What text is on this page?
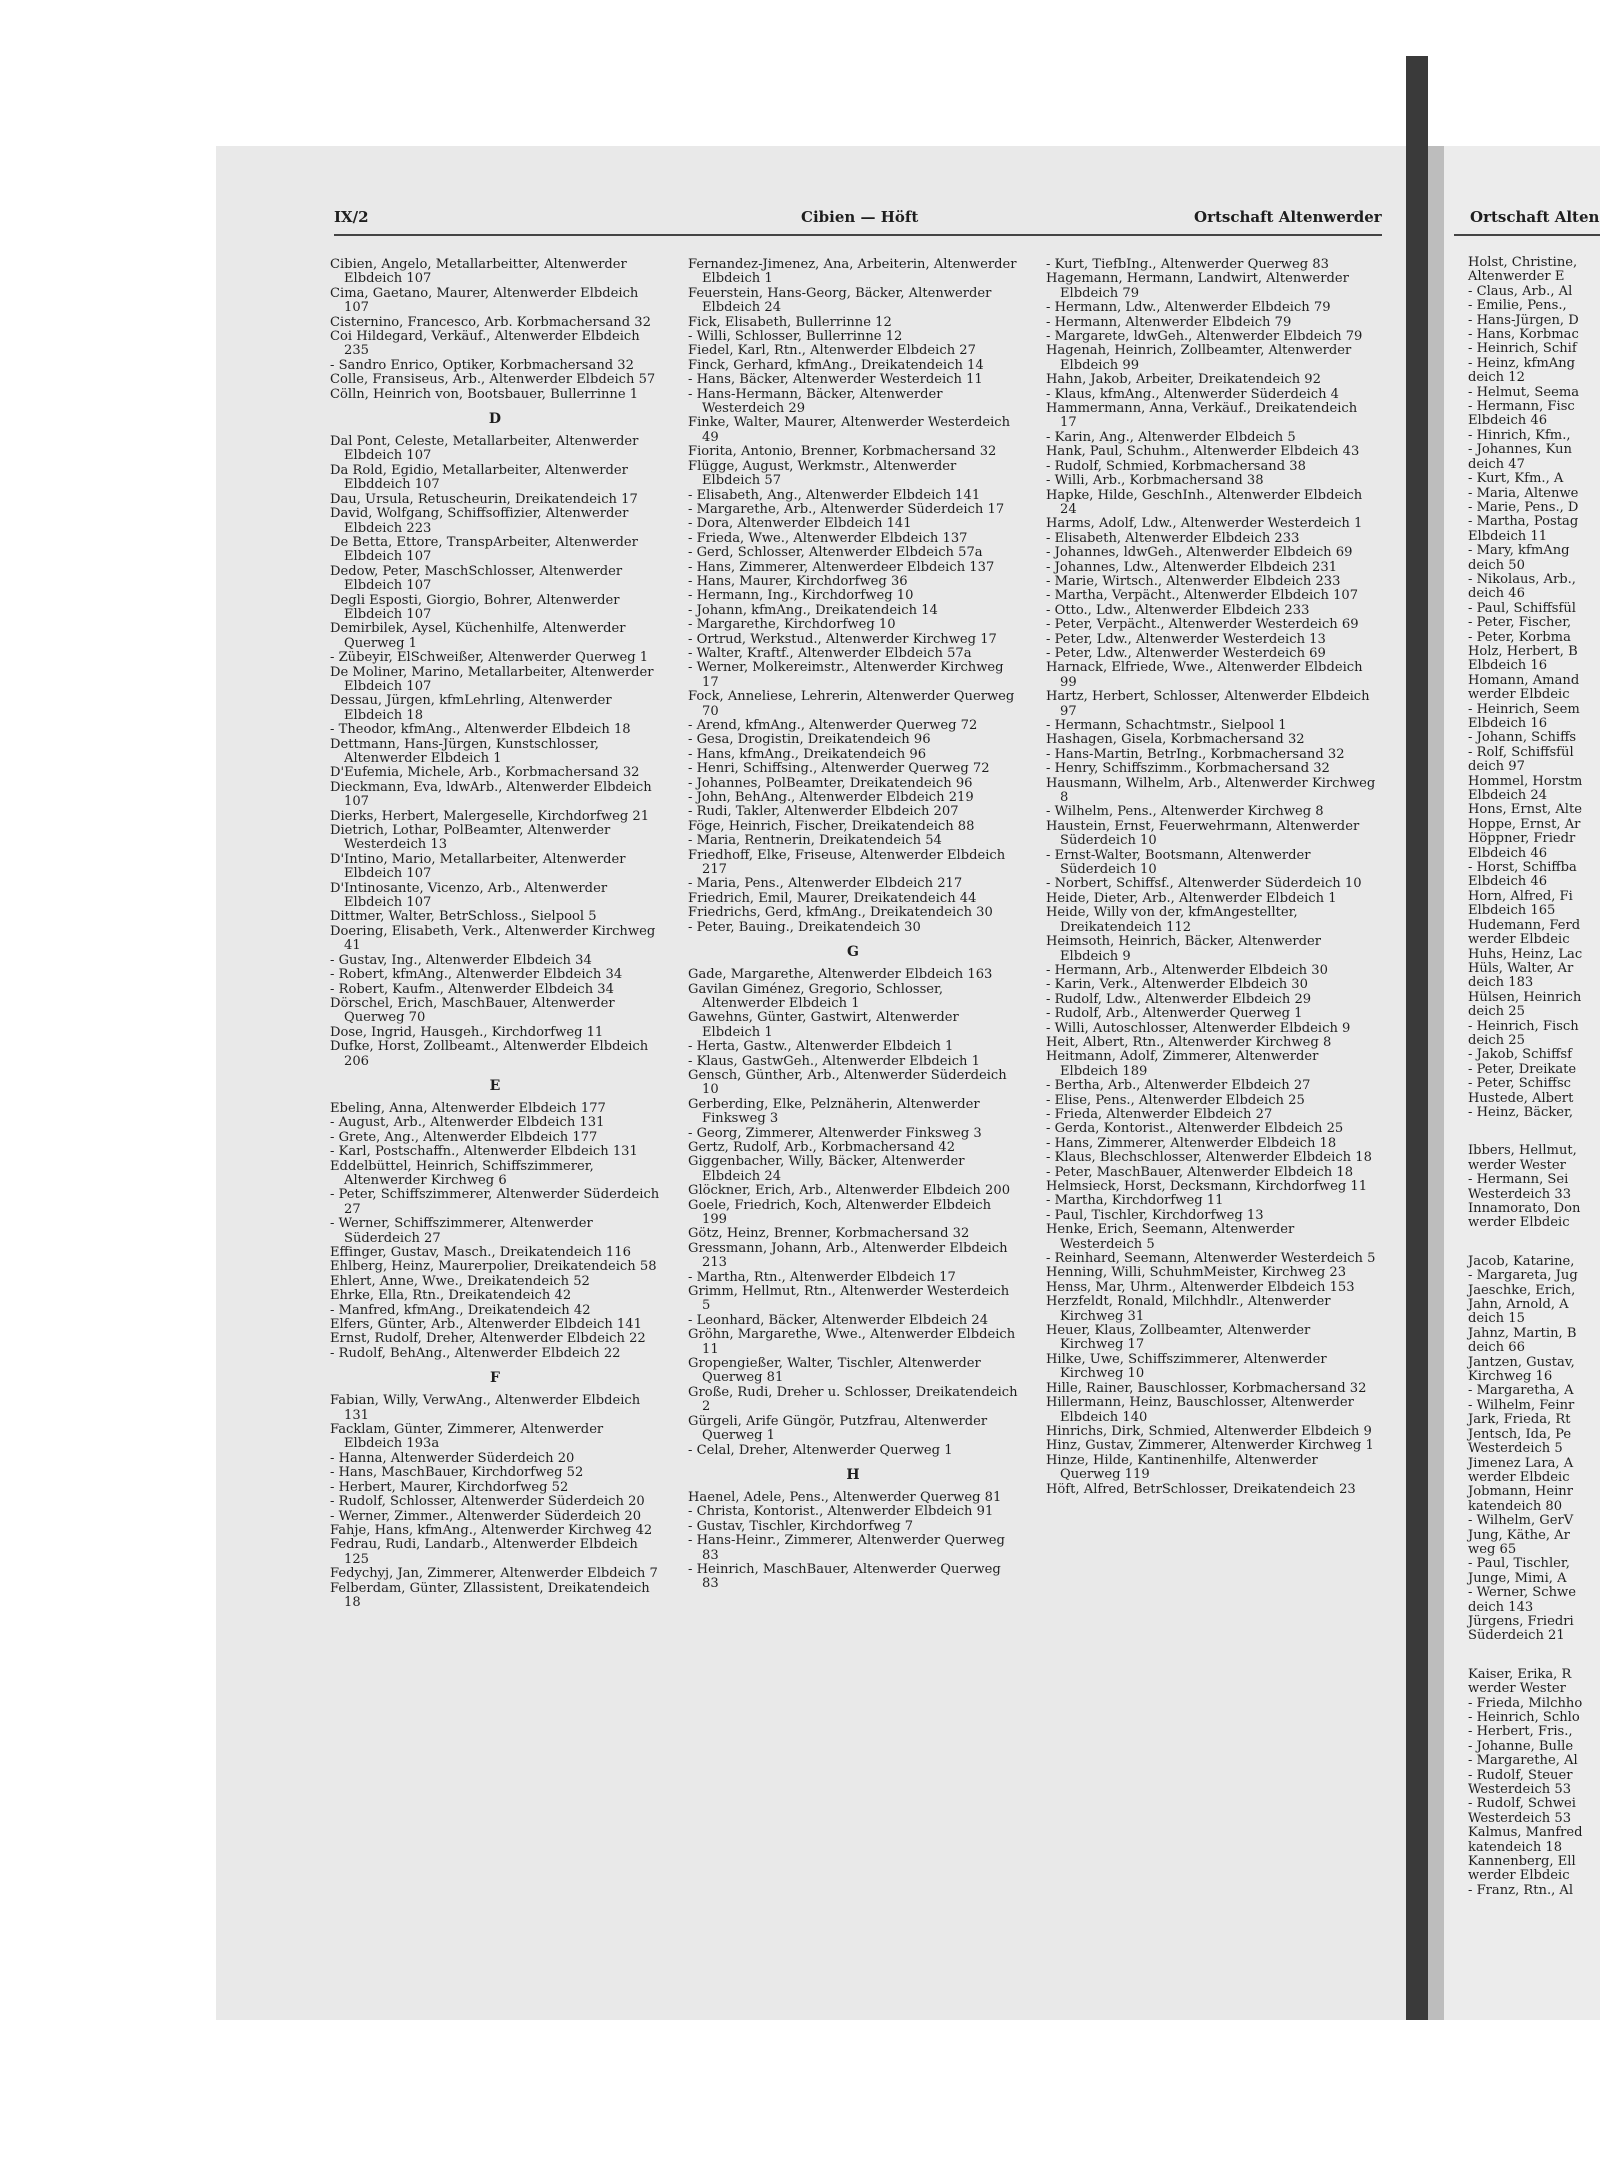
IX/2	Cibien — Höft	Ortschaft Altenwerder
Cibien, Angelo, Metallarbeitter, Altenwerder Elbdeich 107
Cima, Gaetano, Maurer, Altenwerder Elbdeich 107
Cisternino, Francesco, Arb. Korbmachersand 32
Coi Hildegard, Verkäuf., Altenwerder Elbdeich 235
- Sandro Enrico, Optiker, Korbmachersand 32
Colle, Fransiseus, Arb., Altenwerder Elbdeich 57
Cölln, Heinrich von, Bootsbauer, Bullerrinne 1
D
Dal Pont, Celeste, Metallarbeiter, Altenwerder Elbdeich 107
Da Rold, Egidio, Metallarbeiter, Altenwerder Elbddeich 107
Dau, Ursula, Retuscheurin, Dreikatendeich 17
David, Wolfgang, Schiffsoffizier, Altenwerder Elbdeich 223
De Betta, Ettore, TranspArbeiter, Altenwerder Elbdeich 107
Dedow, Peter, MaschSchlosser, Altenwerder Elbdeich 107
Degli Esposti, Giorgio, Bohrer, Altenwerder Elbdeich 107
Demirbilek, Aysel, Küchenhilfe, Altenwerder Querweg 1
- Zübeyir, ElSchweißer, Altenwerder Querweg 1
De Moliner, Marino, Metallarbeiter, Altenwerder Elbdeich 107
Dessau, Jürgen, kfmLehrling, Altenwerder Elbdeich 18
- Theodor, kfmAng., Altenwerder Elbdeich 18
Dettmann, Hans-Jürgen, Kunstschlosser, Altenwerder Elbdeich 1
D'Eufemia, Michele, Arb., Korbmachersand 32
Dieckmann, Eva, ldwArb., Altenwerder Elbdeich 107
Dierks, Herbert, Malergeselle, Kirchdorfweg 21
Dietrich, Lothar, PolBeamter, Altenwerder Westerdeich 13
D'Intino, Mario, Metallarbeiter, Altenwerder Elbdeich 107
D'Intinosante, Vicenzo, Arb., Altenwerder Elbdeich 107
Dittmer, Walter, BetrSchloss., Sielpool 5
Doering, Elisabeth, Verk., Altenwerder Kirchweg 41
- Gustav, Ing., Altenwerder Elbdeich 34
- Robert, kfmAng., Altenwerder Elbdeich 34
- Robert, Kaufm., Altenwerder Elbdeich 34
Dörschel, Erich, MaschBauer, Altenwerder Querweg 70
Dose, Ingrid, Hausgeh., Kirchdorfweg 11
Dufke, Horst, Zollbeamt., Altenwerder Elbdeich 206
E
Ebeling, Anna, Altenwerder Elbdeich 177
- August, Arb., Altenwerder Elbdeich 131
- Grete, Ang., Altenwerder Elbdeich 177
- Karl, Postschaffn., Altenwerder Elbdeich 131
Eddelbüttel, Heinrich, Schiffszimmerer, Altenwerder Kirchweg 6
- Peter, Schiffszimmerer, Altenwerder Süderdeich 27
- Werner, Schiffszimmerer, Altenwerder Süderdeich 27
Effinger, Gustav, Masch., Dreikatendeich 116
Ehlberg, Heinz, Maurerpolier, Dreikatendeich 58
Ehlert, Anne, Wwe., Dreikatendeich 52
Ehrke, Ella, Rtn., Dreikatendeich 42
- Manfred, kfmAng., Dreikatendeich 42
Elfers, Günter, Arb., Altenwerder Elbdeich 141
Ernst, Rudolf, Dreher, Altenwerder Elbdeich 22
- Rudolf, BehAng., Altenwerder Elbdeich 22
F
Fabian, Willy, VerwAng., Altenwerder Elbdeich 131
Facklam, Günter, Zimmerer, Altenwerder Elbdeich 193a
- Hanna, Altenwerder Süderdeich 20
- Hans, MaschBauer, Kirchdorfweg 52
- Herbert, Maurer, Kirchdorfweg 52
- Rudolf, Schlosser, Altenwerder Süderdeich 20
- Werner, Zimmer., Altenwerder Süderdeich 20
Fahje, Hans, kfmAng., Altenwerder Kirchweg 42
Fedrau, Rudi, Landarb., Altenwerder Elbdeich 125
Fedychyj, Jan, Zimmerer, Altenwerder Elbdeich 7
Felberdam, Günter, Zllassistent, Dreikatendeich 18
Fernandez-Jimenez, Ana, Arbeiterin, Altenwerder Elbdeich 1
Feuerstein, Hans-Georg, Bäcker, Altenwerder Elbdeich 24
Fick, Elisabeth, Bullerrinne 12
- Willi, Schlosser, Bullerrinne 12
Fiedel, Karl, Rtn., Altenwerder Elbdeich 27
Finck, Gerhard, kfmAng., Dreikatendeich 14
- Hans, Bäcker, Altenwerder Westerdeich 11
- Hans-Hermann, Bäcker, Altenwerder Westerdeich 29
Finke, Walter, Maurer, Altenwerder Westerdeich 49
Fiorita, Antonio, Brenner, Korbmachersand 32
Flügge, August, Werkmstr., Altenwerder Elbdeich 57
- Elisabeth, Ang., Altenwerder Elbdeich 141
- Margarethe, Arb., Altenwerder Süderdeich 17
- Dora, Altenwerder Elbdeich 141
- Frieda, Wwe., Altenwerder Elbdeich 137
- Gerd, Schlosser, Altenwerder Elbdeich 57a
- Hans, Zimmerer, Altenwerdeer Elbdeich 137
- Hans, Maurer, Kirchdorfweg 36
- Hermann, Ing., Kirchdorfweg 10
- Johann, kfmAng., Dreikatendeich 14
- Margarethe, Kirchdorfweg 10
- Ortrud, Werkstud., Altenwerder Kirchweg 17
- Walter, Kraftf., Altenwerder Elbdeich 57a
- Werner, Molkereimstr., Altenwerder Kirchweg 17
Fock, Anneliese, Lehrerin, Altenwerder Querweg 70
- Arend, kfmAng., Altenwerder Querweg 72
- Gesa, Drogistin, Dreikatendeich 96
- Hans, kfmAng., Dreikatendeich 96
- Henri, Schiffsing., Altenwerder Querweg 72
- Johannes, PolBeamter, Dreikatendeich 96
- John, BehAng., Altenwerder Elbdeich 219
- Rudi, Takler, Altenwerder Elbdeich 207
Föge, Heinrich, Fischer, Dreikatendeich 88
- Maria, Rentnerin, Dreikatendeich 54
Friedhoff, Elke, Friseuse, Altenwerder Elbdeich 217
- Maria, Pens., Altenwerder Elbdeich 217
Friedrich, Emil, Maurer, Dreikatendeich 44
Friedrichs, Gerd, kfmAng., Dreikatendeich 30
- Peter, Bauing., Dreikatendeich 30
G
Gade, Margarethe, Altenwerder Elbdeich 163
Gavilan Giménez, Gregorio, Schlosser, Altenwerder Elbdeich 1
Gawehns, Günter, Gastwirt, Altenwerder Elbdeich 1
- Herta, Gastw., Altenwerder Elbdeich 1
- Klaus, GastwGeh., Altenwerder Elbdeich 1
Gensch, Günther, Arb., Altenwerder Süderdeich 10
Gerberding, Elke, Pelznäherin, Altenwerder Finksweg 3
- Georg, Zimmerer, Altenwerder Finksweg 3
Gertz, Rudolf, Arb., Korbmachersand 42
Giggenbacher, Willy, Bäcker, Altenwerder Elbdeich 24
Glöckner, Erich, Arb., Altenwerder Elbdeich 200
Goele, Friedrich, Koch, Altenwerder Elbdeich 199
Götz, Heinz, Brenner, Korbmachersand 32
Gressmann, Johann, Arb., Altenwerder Elbdeich 213
- Martha, Rtn., Altenwerder Elbdeich 17
Grimm, Hellmut, Rtn., Altenwerder Westerdeich 5
- Leonhard, Bäcker, Altenwerder Elbdeich 24
Gröhn, Margarethe, Wwe., Altenwerder Elbdeich 11
Gropengießer, Walter, Tischler, Altenwerder Querweg 81
Große, Rudi, Dreher u. Schlosser, Dreikatendeich 2
Gürgeli, Arife Güngör, Putzfrau, Altenwerder Querweg 1
- Celal, Dreher, Altenwerder Querweg 1
H
Haenel, Adele, Pens., Altenwerder Querweg 81
- Christa, Kontorist., Altenwerder Elbdeich 91
- Gustav, Tischler, Kirchdorfweg 7
- Hans-Heinr., Zimmerer, Altenwerder Querweg 83
- Heinrich, MaschBauer, Altenwerder Querweg 83
- Kurt, TiefbIng., Altenwerder Querweg 83
Hagemann, Hermann, Landwirt, Altenwerder Elbdeich 79
- Hermann, Ldw., Altenwerder Elbdeich 79
- Hermann, Altenwerder Elbdeich 79
- Margarete, ldwGeh., Altenwerder Elbdeich 79
Hagenah, Heinrich, Zollbeamter, Altenwerder Elbdeich 99
Hahn, Jakob, Arbeiter, Dreikatendeich 92
- Klaus, kfmAng., Altenwerder Süderdeich 4
Hammermann, Anna, Verkäuf., Dreikatendeich 17
- Karin, Ang., Altenwerder Elbdeich 5
Hank, Paul, Schuhm., Altenwerder Elbdeich 43
- Rudolf, Schmied, Korbmachersand 38
- Willi, Arb., Korbmachersand 38
Hapke, Hilde, GeschInh., Altenwerder Elbdeich 24
Harms, Adolf, Ldw., Altenwerder Westerdeich 1
- Elisabeth, Altenwerder Elbdeich 233
- Johannes, ldwGeh., Altenwerder Elbdeich 69
- Johannes, Ldw., Altenwerder Elbdeich 231
- Marie, Wirtsch., Altenwerder Elbdeich 233
- Martha, Verpächt., Altenwerder Elbdeich 107
- Otto., Ldw., Altenwerder Elbdeich 233
- Peter, Verpächt., Altenwerder Westerdeich 69
- Peter, Ldw., Altenwerder Westerdeich 13
- Peter, Ldw., Altenwerder Westerdeich 69
Harnack, Elfriede, Wwe., Altenwerder Elbdeich 99
Hartz, Herbert, Schlosser, Altenwerder Elbdeich 97
- Hermann, Schachtmstr., Sielpool 1
Hashagen, Gisela, Korbmachersand 32
- Hans-Martin, BetrIng., Korbmachersand 32
- Henry, Schiffszimm., Korbmachersand 32
Hausmann, Wilhelm, Arb., Altenwerder Kirchweg 8
- Wilhelm, Pens., Altenwerder Kirchweg 8
Haustein, Ernst, Feuerwehrmann, Altenwerder Süderdeich 10
- Ernst-Walter, Bootsmann, Altenwerder Süderdeich 10
- Norbert, Schiffsf., Altenwerder Süderdeich 10
Heide, Dieter, Arb., Altenwerder Elbdeich 1
Heide, Willy von der, kfmAngestellter, Dreikatendeich 112
Heimsoth, Heinrich, Bäcker, Altenwerder Elbdeich 9
- Hermann, Arb., Altenwerder Elbdeich 30
- Karin, Verk., Altenwerder Elbdeich 30
- Rudolf, Ldw., Altenwerder Elbdeich 29
- Rudolf, Arb., Altenwerder Querweg 1
- Willi, Autoschlosser, Altenwerder Elbdeich 9
Heit, Albert, Rtn., Altenwerder Kirchweg 8
Heitmann, Adolf, Zimmerer, Altenwerder Elbdeich 189
- Bertha, Arb., Altenwerder Elbdeich 27
- Elise, Pens., Altenwerder Elbdeich 25
- Frieda, Altenwerder Elbdeich 27
- Gerda, Kontorist., Altenwerder Elbdeich 25
- Hans, Zimmerer, Altenwerder Elbdeich 18
- Klaus, Blechschlosser, Altenwerder Elbdeich 18
- Peter, MaschBauer, Altenwerder Elbdeich 18
Helmsieck, Horst, Decksmann, Kirchdorfweg 11
- Martha, Kirchdorfweg 11
- Paul, Tischler, Kirchdorfweg 13
Henke, Erich, Seemann, Altenwerder Westerdeich 5
- Reinhard, Seemann, Altenwerder Westerdeich 5
Henning, Willi, SchuhmMeister, Kirchweg 23
Henss, Mar, Uhrm., Altenwerder Elbdeich 153
Herzfeldt, Ronald, Milchhdlr., Altenwerder Kirchweg 31
Heuer, Klaus, Zollbeamter, Altenwerder Kirchweg 17
Hilke, Uwe, Schiffszimmerer, Altenwerder Kirchweg 10
Hille, Rainer, Bauschlosser, Korbmachersand 32
Hillermann, Heinz, Bauschlosser, Altenwerder Elbdeich 140
Hinrichs, Dirk, Schmied, Altenwerder Elbdeich 9
Hinz, Gustav, Zimmerer, Altenwerder Kirchweg 1
Hinze, Hilde, Kantinenhilfe, Altenwerder Querweg 119
Höft, Alfred, BetrSchlosser, Dreikatendeich 23
Ortschaft Alten
Holst, Christine,
Altenwerder E
- Claus, Arb., Al
- Emilie, Pens.,
- Hans-Jürgen, D
- Hans, Korbmac
- Heinrich, Schif
- Heinz, kfmAng
deich 12
- Helmut, Seema
- Hermann, Fisc
Elbdeich 46
- Hinrich, Kfm.,
- Johannes, Kun
deich 47
- Kurt, Kfm., A
- Maria, Altenwe
- Marie, Pens., D
- Martha, Postag
Elbdeich 11
- Mary, kfmAng
deich 50
- Nikolaus, Arb.,
deich 46
- Paul, Schiffsfül
- Peter, Fischer,
- Peter, Korbma
Holz, Herbert, B
Elbdeich 16
Homann, Amand
werder Elbdeic
- Heinrich, Seem
Elbdeich 16
- Johann, Schiffs
- Rolf, Schiffsfül
deich 97
Hommel, Horstm
Elbdeich 24
Hons, Ernst, Alte
Hoppe, Ernst, Ar
Höppner, Friedr
Elbdeich 46
- Horst, Schiffba
Elbdeich 46
Horn, Alfred, Fi
Elbdeich 165
Hudemann, Ferd
werder Elbdeic
Huhs, Heinz, Lac
Hüls, Walter, Ar
deich 183
Hülsen, Heinrich
deich 25
- Heinrich, Fisch
deich 25
- Jakob, Schiffsf
- Peter, Dreikate
- Peter, Schiffsc
Hustede, Albert
- Heinz, Bäcker,
Ibbers, Hellmut,
werder Wester
- Hermann, Sei
Westerdeich 33
Innamorato, Don
werder Elbdeic
Jacob, Katarine,
- Margareta, Jug
Jaeschke, Erich,
Jahn, Arnold, A
deich 15
Jahnz, Martin, B
deich 66
Jantzen, Gustav,
Kirchweg 16
- Margaretha, A
- Wilhelm, Feinr
Jark, Frieda, Rt
Jentsch, Ida, Pe
Westerdeich 5
Jimenez Lara, A
werder Elbdeic
Jobmann, Heinr
katendeich 80
- Wilhelm, GerV
Jung, Käthe, Ar
weg 65
- Paul, Tischler,
Junge, Mimi, A
- Werner, Schwe
deich 143
Jürgens, Friedri
Süderdeich 21
Kaiser, Erika, R
werder Wester
- Frieda, Milchho
- Heinrich, Schlo
- Herbert, Fris.,
- Johanne, Bulle
- Margarethe, Al
- Rudolf, Steuer
Westerdeich 53
- Rudolf, Schwei
Westerdeich 53
Kalmus, Manfred
katendeich 18
Kannenberg, Ell
werder Elbdeic
- Franz, Rtn., Al
